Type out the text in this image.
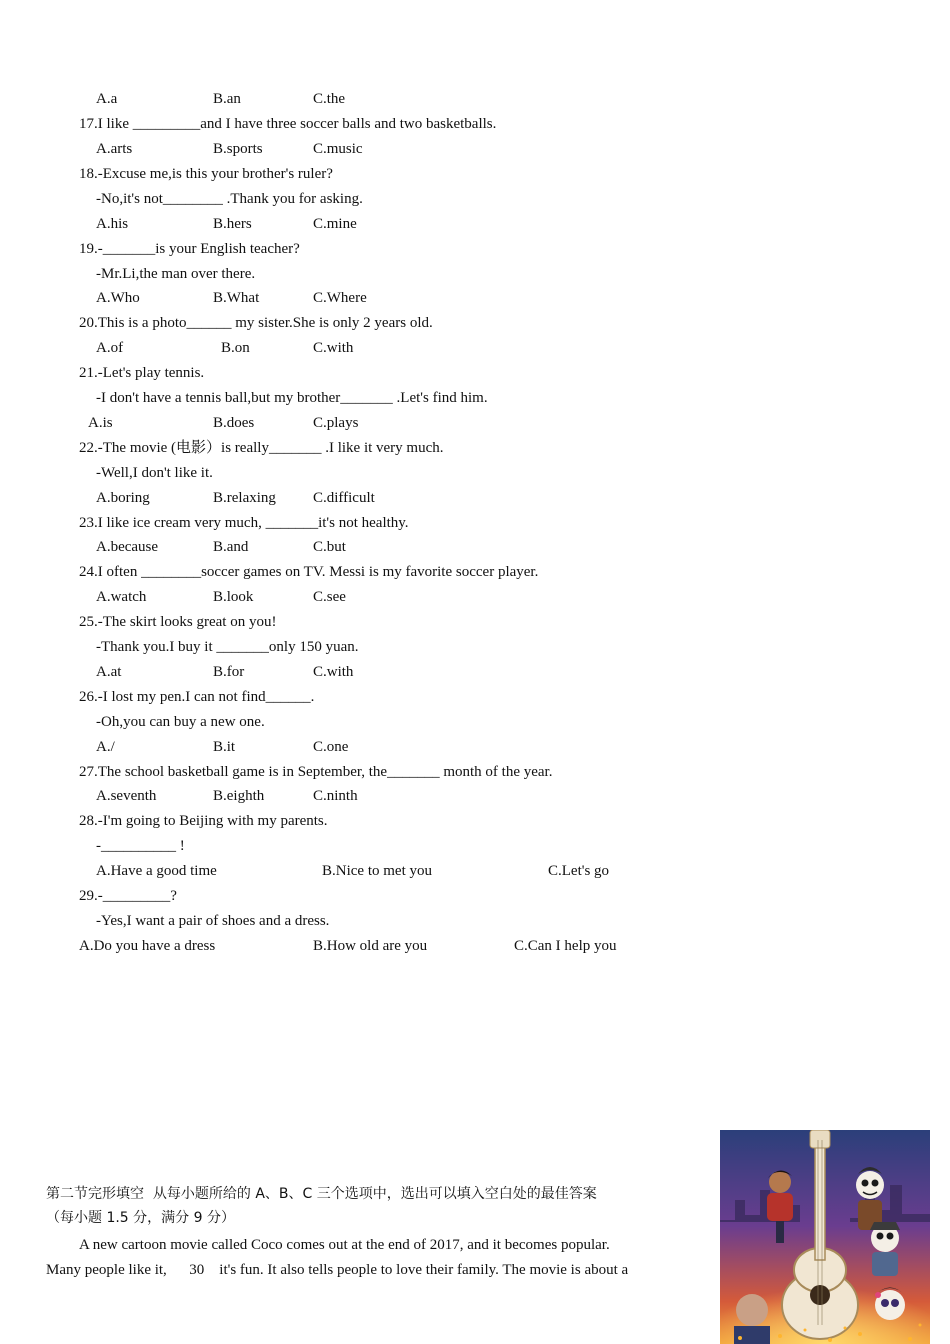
A.a	B.an	C.the
17.I like _________and I have three soccer balls and two basketballs.
A.arts	B.sports	C.music
18.-Excuse me,is this your brother's ruler?
-No,it's not________ .Thank you for asking.
A.his	B.hers	C.mine
19.-_______is your English teacher?
-Mr.Li,the man over there.
A.Who	B.What	C.Where
20.This is a photo______ my sister.She is only 2 years old.
A.of	B.on	C.with
21.-Let's play tennis.
-I don't have a tennis ball,but my brother_______ .Let's find him.
A.is	B.does	C.plays
22.-The movie (电影）is really_______ .I like it very much.
-Well,I don't like it.
A.boring	B.relaxing C.difficult
23.I like ice cream very much, _______it's not healthy.
A.because	B.and	C.but
24.I often ________soccer games on TV. Messi is my favorite soccer player.
A.watch	B.look	C.see
25.-The skirt looks great on you!
-Thank you.I buy it _______only 150 yuan.
A.at	B.for	C.with
26.-I lost my pen.I can not find______.
-Oh,you can buy a new one.
A./	B.it	C.one
27.The school basketball game is in September, the_______ month of the year.
A.seventh	B.eighth	C.ninth
28.-I'm going to Beijing with my parents.
-__________ !
A.Have a good time	B.Nice to met you	C.Let's go
29.-_________?
-Yes,I want a pair of shoes and a dress.
A.Do you have a dress	B.How old are you	C.Can I help you
第二节完形填空  从每小题所给的 A、B、C 三个选项中，选出可以填入空白处的最佳答案
（每小题 1.5 分，满分 9 分）
A new cartoon movie called Coco comes out at the end of 2017, and it becomes popular.
Many people like it,      30    it's fun. It also tells people to love their family. The movie is about a
